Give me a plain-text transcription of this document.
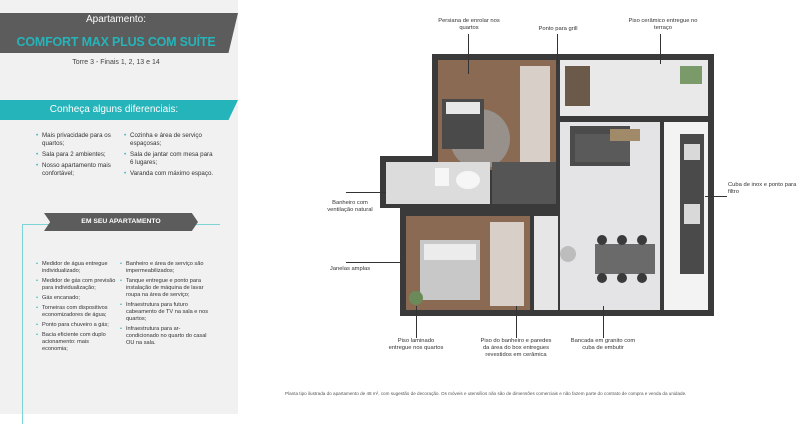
Apartamento:
COMFORT MAX PLUS COM SUÍTE
Torre 3 - Finais 1, 2, 13 e 14
Conheça alguns diferenciais:
• Mais privacidade para os quartos;
• Sala para 2 ambientes;
• Nosso apartamento mais confortável;
• Cozinha e área de serviço espaçosas;
• Sala de jantar com mesa para 6 lugares;
• Varanda com máximo espaço.
EM SEU APARTAMENTO
• Medidor de água entregue individualizado;
• Medidor de gás com previsão para individualização;
• Gás encanado;
• Torneiras com dispositivos economizadores de água;
• Ponto para chuveiro a gás;
• Bacia eficiente com duplo acionamento: mais economia;
• Banheiro e área de serviço são impermeabilizados;
• Tanque entregue e ponto para instalação de máquina de lavar roupa na área de serviço;
• Infraestrutura para futuro cabeamento de TV na sala e nos quartos;
• Infraestrutura para ar-condicionado no quarto do casal OU na sala.
Persiana de enrolar nos quartos	Ponto para grill
Piso cerâmico entregue no terraço
Cuba de inox e ponto para filtro
Banheiro com ventilação natural
Janelas amplas
Piso laminado entregue nos quartos
Piso do banheiro e paredes da área do box entregues revestidos em cerâmica
Bancada em granito com cuba de embutir
Planta tipo ilustrada do apartamento de 48 m², com sugestão de decoração. Os móveis e utensílios não são de dimensões comerciais e não fazem parte do contrato de compra e venda da unidade.
